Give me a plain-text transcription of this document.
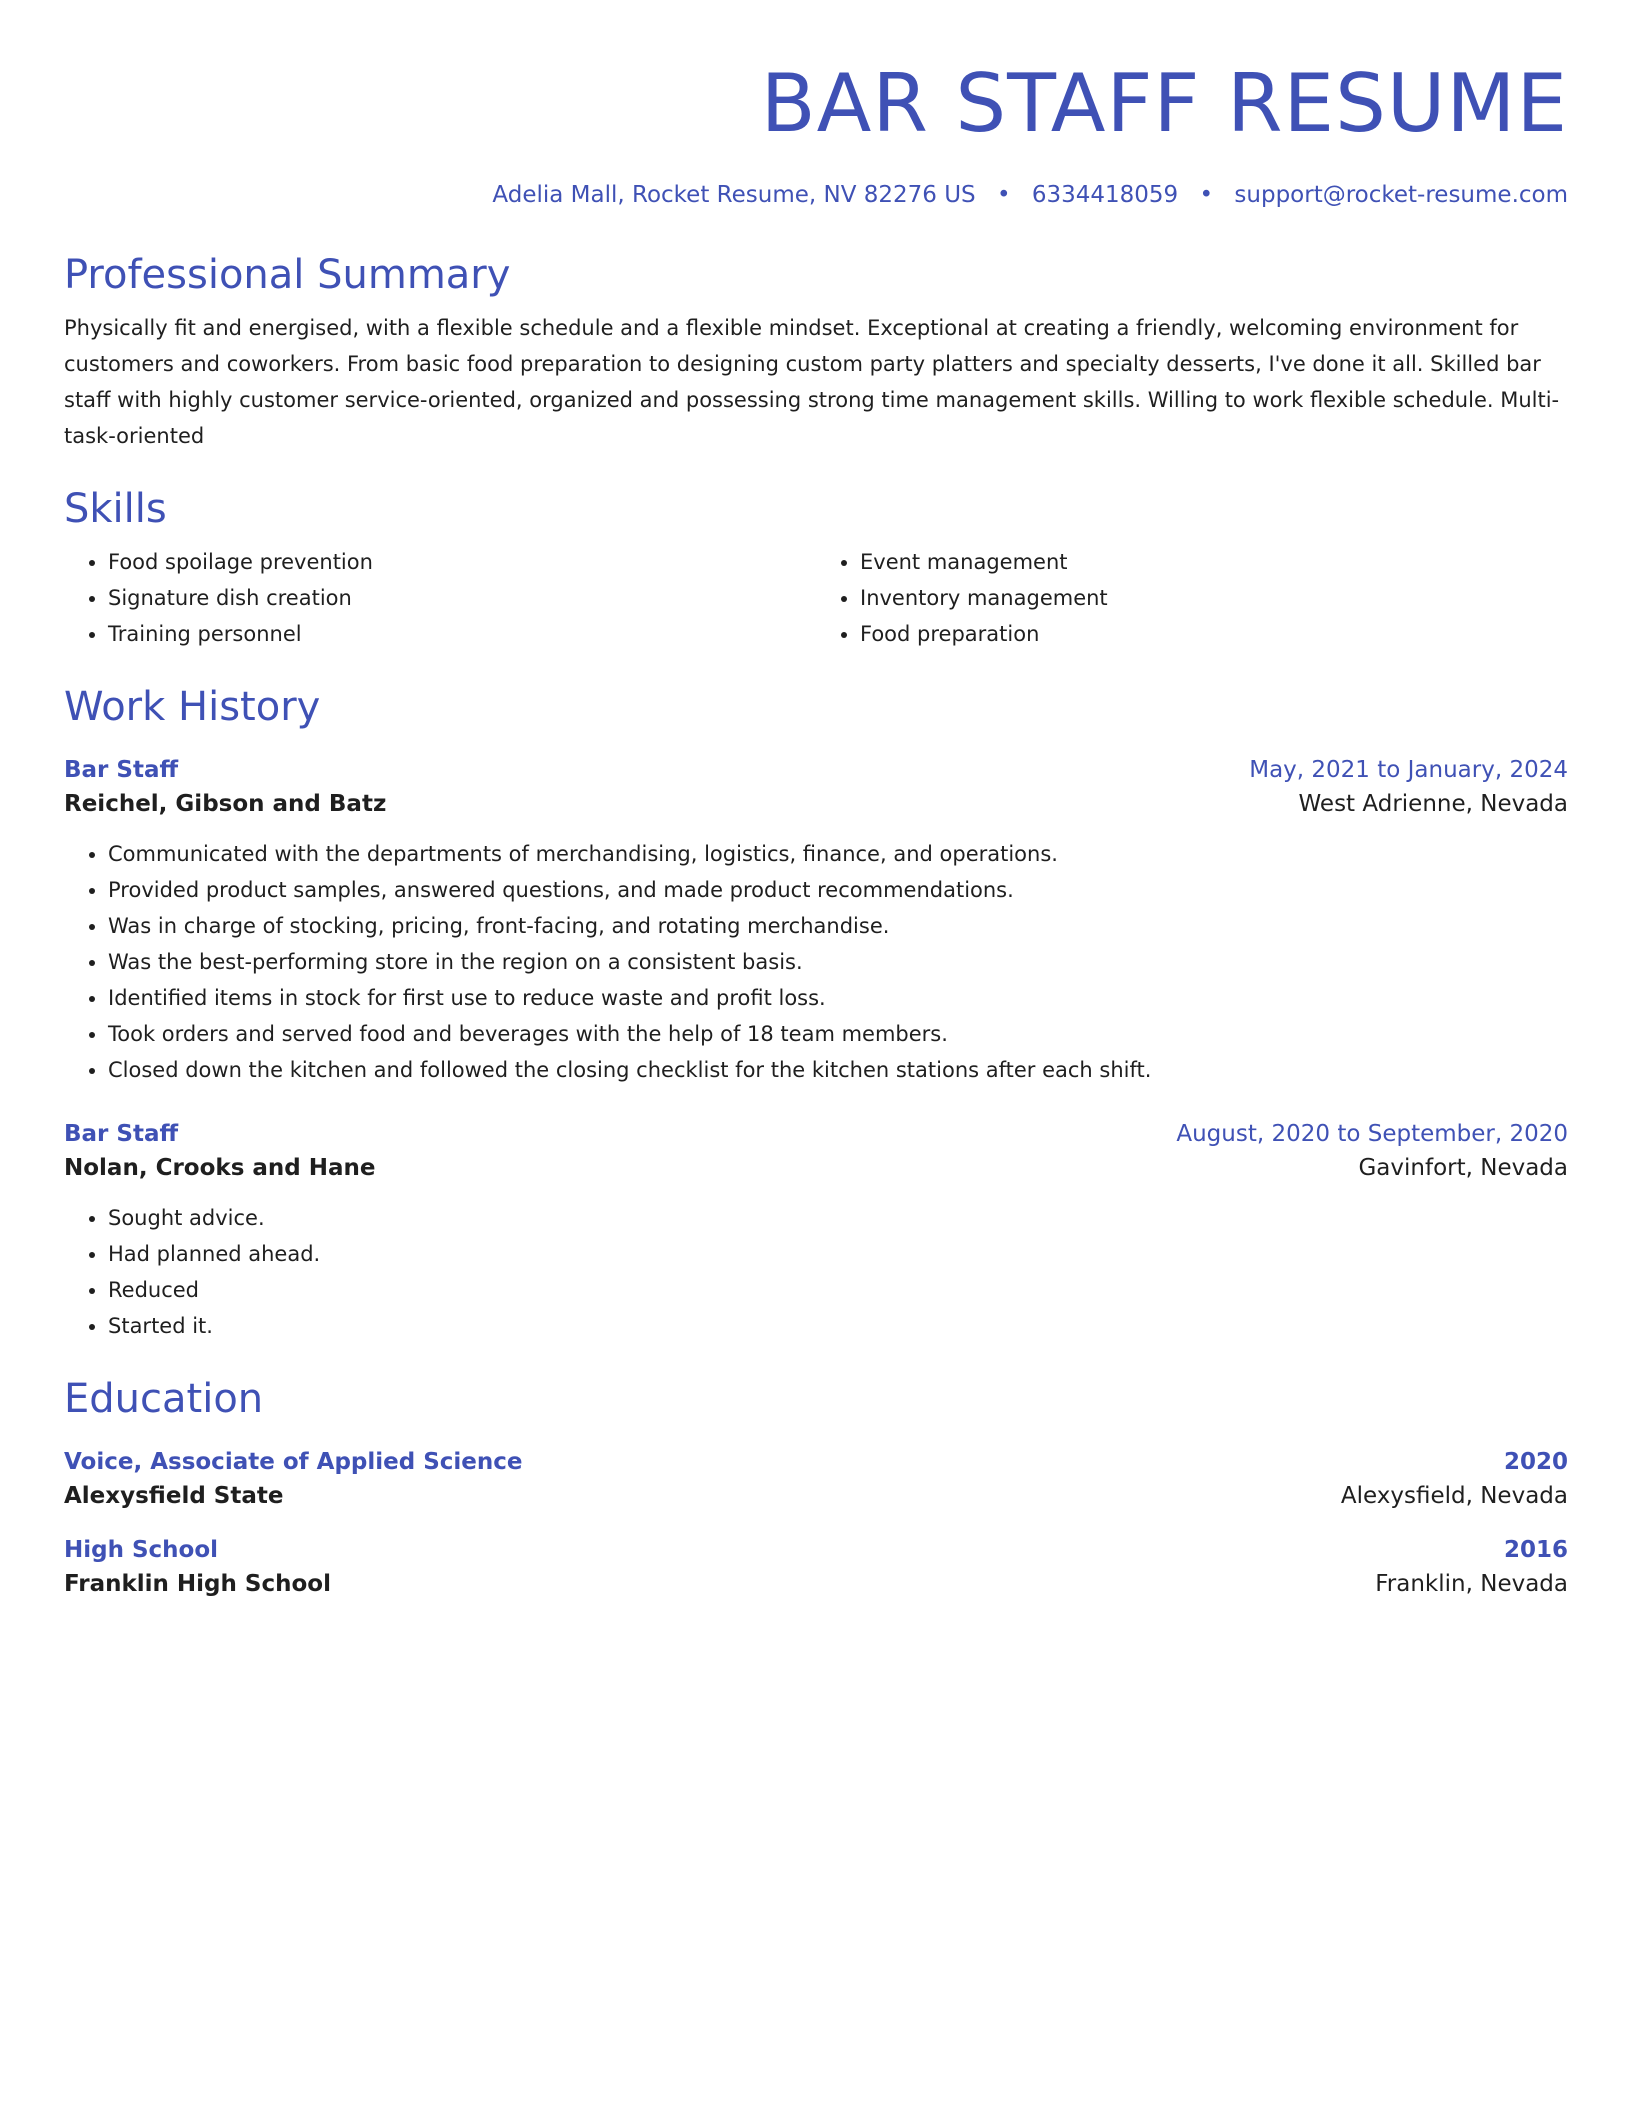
BAR STAFF RESUME
Adelia Mall, Rocket Resume, NV 82276 US • 6334418059 • support@rocket-resume.com
Professional Summary

Physically fit and energised, with a flexible schedule and a flexible mindset. Exceptional at creating a friendly, welcoming environment for customers and coworkers. From basic food preparation to designing custom party platters and specialty desserts, I've done it all. Skilled bar staff with highly customer service-oriented, organized and possessing strong time management skills. Willing to work flexible schedule. Multi-task-oriented

Skills
• Food spoilage prevention
• Signature dish creation
• Training personnel
• Event management
• Inventory management
• Food preparation
Work History
Bar Staff	May, 2021 to January, 2024
Reichel, Gibson and Batz	West Adrienne, Nevada
• Communicated with the departments of merchandising, logistics, finance, and operations.
• Provided product samples, answered questions, and made product recommendations.
• Was in charge of stocking, pricing, front-facing, and rotating merchandise.
• Was the best-performing store in the region on a consistent basis.
• Identified items in stock for first use to reduce waste and profit loss.
• Took orders and served food and beverages with the help of 18 team members.
• Closed down the kitchen and followed the closing checklist for the kitchen stations after each shift.
Bar Staff	August, 2020 to September, 2020
Nolan, Crooks and Hane	Gavinfort, Nevada
• Sought advice.
• Had planned ahead.
• Reduced
• Started it.
Education
Voice, Associate of Applied Science	2020
Alexysfield State	Alexysfield, Nevada
High School	2016
Franklin High School	Franklin, Nevada
